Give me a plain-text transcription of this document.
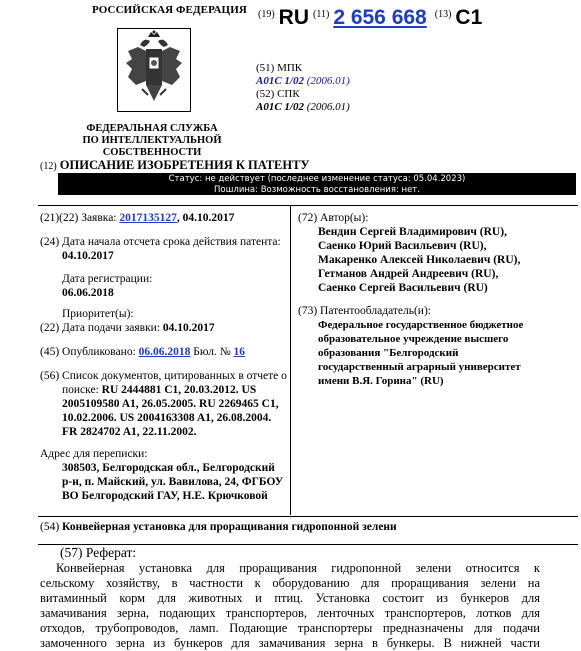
РОССИЙСКАЯ ФЕДЕРАЦИЯ
ФЕДЕРАЛЬНАЯ СЛУЖБА
ПО ИНТЕЛЛЕКТУАЛЬНОЙ СОБСТВЕННОСТИ
$^{(19)}$ RU $^{(11)}$ 2 656 668 $^{(13)}$ C1
(51) МПК
A01C 1/02 (2006.01)
(52) СПК
A01C 1/02 (2006.01)
(12) ОПИСАНИЕ ИЗОБРЕТЕНИЯ К ПАТЕНТУ
Статус: не действует (последнее изменение статуса: 05.04.2023)
Пошлина: Возможность восстановления: нет.
(21)(22) Заявка: 2017135127, 04.10.2017
(24) Дата начала отсчета срока действия патента:
04.10.2017
Дата регистрации:
06.06.2018
Приоритет(ы):
(22) Дата подачи заявки: 04.10.2017
(45) Опубликовано: 06.06.2018 Бюл. № 16
(56) Список документов, цитированных в отчете о
поиске: RU 2444881 C1, 20.03.2012. US
2005109580 A1, 26.05.2005. RU 2269465 C1,
10.02.2006. US 2004163308 A1, 26.08.2004.
FR 2824702 A1, 22.11.2002.
Адрес для переписки:
308503, Белгородская обл., Белгородский
р-н, п. Майский, ул. Вавилова, 24, ФГБОУ
ВО Белгородский ГАУ, Н.Е. Крючковой
(72) Автор(ы):
Вендин Сергей Владимирович (RU),
Саенко Юрий Васильевич (RU),
Макаренко Алексей Николаевич (RU),
Гетманов Андрей Андреевич (RU),
Саенко Сергей Васильевич (RU)
(73) Патентообладатель(и):
Федеральное государственное бюджетное
образовательное учреждение высшего
образования "Белгородский
государственный аграрный университет
имени В.Я. Горина" (RU)
(54) Конвейерная установка для проращивания гидропонной зелени
(57) Реферат:
Конвейерная установка для проращивания гидропонной зелени относится к
сельскому хозяйству, в частности к оборудованию для проращивания зелени на
витаминный корм для животных и птиц. Установка состоит из бункеров для
замачивания зерна, подающих транспортеров, ленточных транспортеров, лотков для
отходов, трубопроводов, ламп. Подающие транспортеры предназначены для подачи
замоченного зерна из бункеров для замачивания зерна в бункеры. В нижней части
